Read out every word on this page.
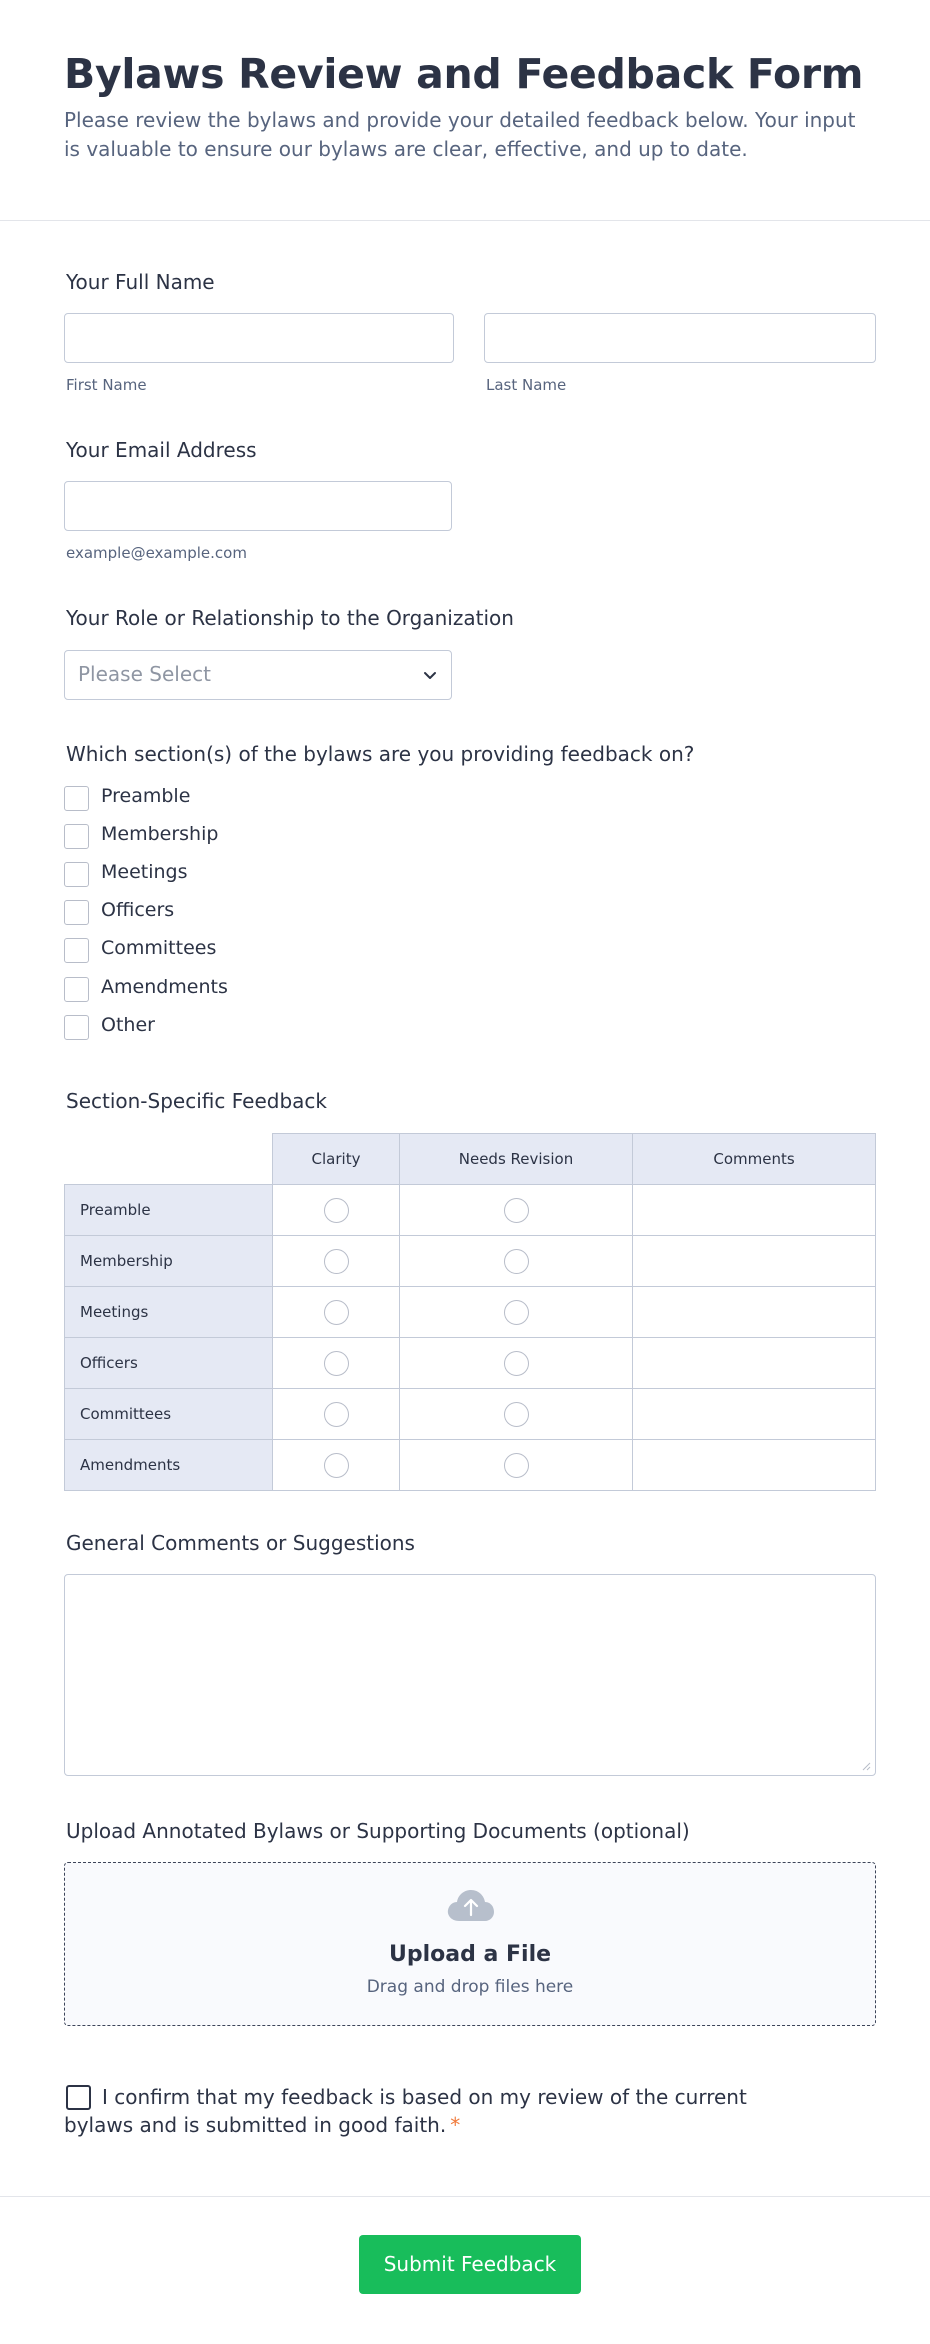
Bylaws Review and Feedback Form

Please review the bylaws and provide your detailed feedback below. Your input is valuable to ensure our bylaws are clear, effective, and up to date.

Your Full Name
First Name	Last Name
Your Email Address
example@example.com
Your Role or Relationship to the Organization
Please Select
Which section(s) of the bylaws are you providing feedback on?
Preamble
Membership
Meetings
Officers
Committees
Amendments
Other
Section-Specific Feedback
	Clarity	Needs Revision	Comments
Preamble			
Membership			
Meetings			
Officers			
Committees			
Amendments			
General Comments or Suggestions
Upload Annotated Bylaws or Supporting Documents (optional)
Upload a File
Drag and drop files here
I confirm that my feedback is based on my review of the current bylaws and is submitted in good faith. *
Submit Feedback
